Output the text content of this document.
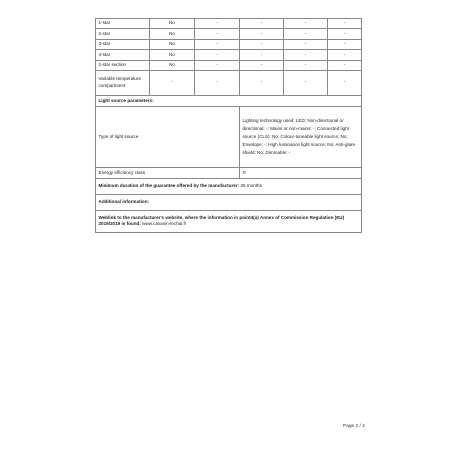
1-star	No	-	-	-	-
2-star	No	-	-	-	-
3-star	No	-	-	-	-
4-star	No	-	-	-	-
2-star section	No	-	-	-	-
Variable temperature compartment	-	-	-	-	-
Light source parameters:					
Type of light source			Lighting technology used: LED; Non-directional or directional: -; Mains or non-mains: -; Connected light source (CLS): No; Colour-tuneable light source: No; Envelope: -; High luminance light source: No; Anti-glare shield: No; Dimmable: -		
Energy efficiency class			G		
Minimum duration of the guarantee offered by the manufacturer: 36 months					
Additional information:					
Weblink to the manufacturer's website, where the information in point4(a) Annex of Commission Regulation (EU) 2019/2019 is found: www.cavavin-lechai.fr					
Page 2 / 2
